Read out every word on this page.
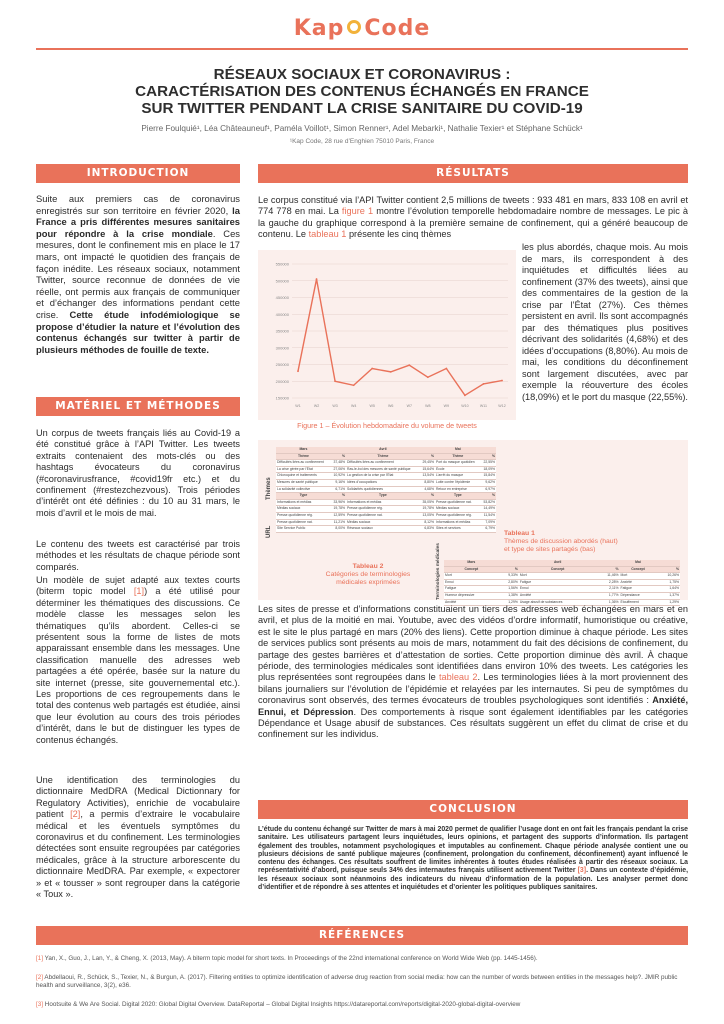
Kap Code
RÉSEAUX SOCIAUX ET CORONAVIRUS :
CARACTÉRISATION DES CONTENUS ÉCHANGÉS EN FRANCE
SUR TWITTER PENDANT LA CRISE SANITAIRE DU COVID-19
Pierre Foulquié¹, Léa Châteauneuf¹, Paméla Voillot¹, Simon Renner¹, Adel Mebarki¹, Nathalie Texier¹ et Stéphane Schück¹
¹Kap Code, 28 rue d’Enghien 75010 Paris, France
INTRODUCTION
Suite aux premiers cas de coronavirus enregistrés sur son territoire en février 2020, la France a pris différentes mesures sanitaires pour répondre à la crise mondiale. Ces mesures, dont le confinement mis en place le 17 mars, ont impacté le quotidien des français de façon inédite. Les réseaux sociaux, notamment Twitter, source reconnue de données de vie réelle, ont permis aux français de communiquer et d’échanger des informations pendant cette crise. Cette étude infodémiologique se propose d’étudier la nature et l’évolution des contenus échangés sur twitter à partir de plusieurs méthodes de fouille de texte.
MATÉRIEL ET MÉTHODES
Un corpus de tweets français liés au Covid-19 a été constitué grâce à l’API Twitter. Les tweets extraits contenaient des mots-clés ou des hashtags évocateurs du coronavirus (#coronavirusfrance, #covid19fr etc.) et du confinement (#restezchezvous). Trois périodes d’intérêt ont été définies : du 10 au 31 mars, le mois d’avril et le mois de mai.
Le contenu des tweets est caractérisé par trois méthodes et les résultats de chaque période sont comparés.
Un modèle de sujet adapté aux textes courts (biterm topic model [1]) a été utilisé pour déterminer les thématiques des discussions. Ce modèle classe les messages selon les thématiques qu’ils abordent. Celles-ci se présentent sous la forme de listes de mots apparaissant ensemble dans les messages. Une classification manuelle des adresses web partagées a été opérée, basée sur la nature du site internet (presse, site gouvernemental etc.). Les proportions de ces regroupements dans le total des contenus web partagés est étudiée, ainsi que leur évolution au cours des trois périodes d’intérêt, dans le but de distinguer les types de contenus échangés.
Une identification des terminologies du dictionnaire MedDRA (Medical Dictionnary for Regulatory Activities), enrichie de vocabulaire patient [2], a permis d’extraire le vocabulaire médical et les éventuels symptômes du coronavirus et du confinement. Les terminologies détectées sont ensuite regroupées par catégories médicales, grâce à la structure arborescente du dictionnaire MedDRA. Par exemple, « expectorer » et « tousser » sont regrouper dans la catégorie « Toux ».
RÉSULTATS
Le corpus constitué via l’API Twitter contient 2,5 millions de tweets : 933 481 en mars, 833 108 en avril et 774 778 en mai. La figure 1 montre l’évolution temporelle hebdomadaire nombre de messages. Le pic à la gauche du graphique correspond à la première semaine de confinement, qui a généré beaucoup de contenu. Le tableau 1 présente les cinq thèmes
les plus abordés, chaque mois. Au mois de mars, ils correspondent à des inquiétudes et difficultés liées au confinement (37% des tweets), ainsi que des commentaires de la gestion de la crise par l’État (27%). Ces thèmes persistent en avril. Ils sont accompagnés par des thématiques plus positives décrivant des solidarités (4,68%) et des idées d’occupations (8,80%). Au mois de mai, les conditions du déconfinement sont largement discutées, avec par exemple la réouverture des écoles (18,09%) et le port du masque (22,55%).
550000
500000
450000
400000
350000
300000
250000
200000
150000
W1	W2	W3	W4	W5	W6	W7	W8	W9	W10	W11	W12
Figure 1 – Évolution hebdomadaire du volume de tweets
Thèmes
URL
Mars		Avril		Mai	
Thème	%	Thème	%	Thème	%
Difficultés liées au confinement	37,48%	Difficultés liées au confinement	29,45%	Port du masque quotidien	22,55%
La crise gérée par l’État	27,06%	Ras-le-bol des mesures de santé publique	15,64%	École	18,09%
Chloroquine et traitements	10,92%	La gestion de la crise par l’État	13,54%	L’arrêt du masque	15,84%
Mesures de santé publique	9,16%	Idées d’occupations	8,80%	Lutte contre l’épidémie	9,62%
La solidarité collective	6,71%	Solidarités quotidiennes	4,68%	Retour en entreprise	6,97%
Type	%	Type	%	Type	%
Informations et médias	33,96%	Informations et médias	35,05%	Presse quotidienne nat.	53,82%
Médias sociaux	19,78%	Presse quotidienne rég.	19,78%	Médias sociaux	14,49%
Presse quotidienne rég.	12,59%	Presse quotidienne nat.	13,05%	Presse quotidienne rég.	11,54%
Presse quotidienne nat.	11,21%	Médias sociaux	8,12%	Informations et médias	7,09%
Site Service Public	8,00%	Réseaux sociaux	6,83%	Sites et services	6,79%
Tableau 1
Thèmes de discussion abordés (haut)
et type de sites partagés (bas)
Tableau 2
Catégories de terminologies
médicales exprimées	Terminologies médicales	Mars		Avril		Mai	
Concept	%	Concept	%	Concept	%
Mort	9,33%	Mort	11,46%	Mort	10,26%
Ennui	2,80%	Fatigue	2,28%	Anxiété	1,75%
Fatigue	1,56%	Ennui	2,11%	Fatigue	1,64%
Humeur dépressive	1,38%	Anxiété	1,77%	Dépendance	1,37%
Anxiété	1,29%	Usage abusif de substances	1,36%	Étouffement	1,29%
Les sites de presse et d’informations constituaient un tiers des adresses web échangées en mars et en avril, et plus de la moitié en mai. Youtube, avec des vidéos d’ordre informatif, humoristique ou créative, est le site le plus partagé en mars (20% des liens). Cette proportion diminue à chaque période. Les sites de services publics sont présents au mois de mars, notamment du fait des décisions de confinement, du partage des gestes barrières et d’attestation de sorties. Cette proportion diminue dès avril. À chaque période, des terminologies médicales sont identifiées dans environ 10% des tweets. Les catégories les plus représentées sont regroupées dans le tableau 2. Les terminologies liées à la mort proviennent des bilans journaliers sur l’évolution de l’épidémie et relayées par les internautes. Si peu de symptômes du coronavirus sont observés, des termes évocateurs de troubles psychologiques sont identifiés : Anxiété, Ennui, et Dépression. Des comportements à risque sont également identifiables par les catégories Dépendance et Usage abusif de substances. Ces résultats suggèrent un effet du climat de crise et du confinement sur les individus.
CONCLUSION
L’étude du contenu échangé sur Twitter de mars à mai 2020 permet de qualifier l’usage dont en ont fait les français pendant la crise sanitaire. Les utilisateurs partagent leurs inquiétudes, leurs opinions, et partagent des supports d’information. Ils partagent également des troubles, notamment psychologiques et imputables au confinement. Chaque période analysée contient une ou plusieurs décisions de santé publique majeures (confinement, prolongation du confinement, déconfinement) ayant influencé le contenu des échanges. Ces résultats souffrent de limites inhérentes à toutes études réalisées à partir des réseaux sociaux. La représentativité d’abord, puisque seuls 34% des internautes français utilisent activement Twitter [3]. Dans un contexte d’épidémie, les réseaux sociaux sont néanmoins des indicateurs du niveau d’information de la population. Les analyser permet donc d’identifier et de répondre à ses attentes et inquiétudes et d’orienter les politiques publiques sanitaires.
RÉFÉRENCES
[1] Yan, X., Guo, J., Lan, Y., & Cheng, X. (2013, May). A biterm topic model for short texts. In Proceedings of the 22nd international conference on World Wide Web (pp. 1445-1456).
[2] Abdellaoui, R., Schück, S., Texier, N., & Burgun, A. (2017). Filtering entities to optimize identification of adverse drug reaction from social media: how can the number of words between entities in the messages help?. JMIR public health and surveillance, 3(2), e36.
[3] Hootsuite & We Are Social. Digital 2020: Global Digital Overview. DataReportal – Global Digital Insights https://datareportal.com/reports/digital-2020-global-digital-overview
